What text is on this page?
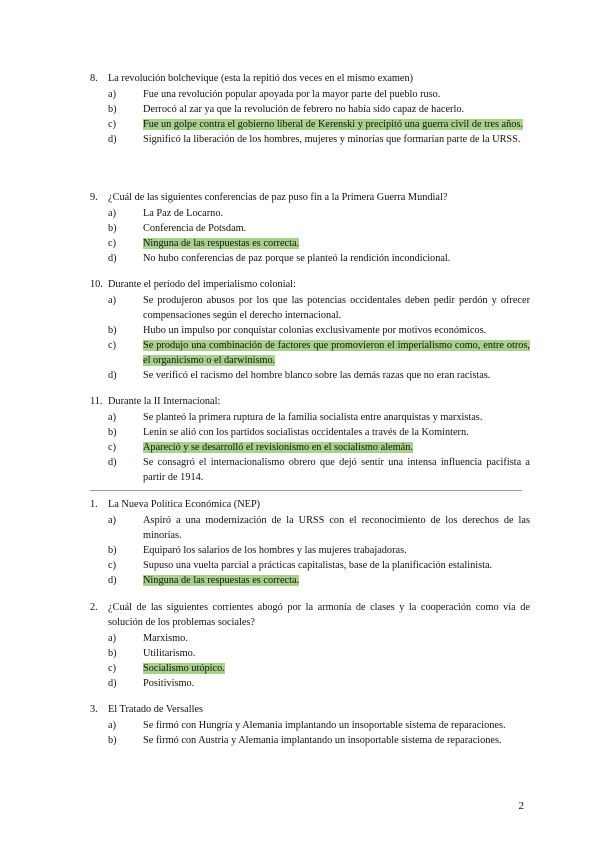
8. La revolución bolchevique (esta la repitió dos veces en el mismo examen)
a)	Fue una revolución popular apoyada por la mayor parte del pueblo ruso.
b)	Derrocó al zar ya que la revolución de febrero no había sido capaz de hacerlo.
c)	Fue un golpe contra el gobierno liberal de Kerenski y precipitó una guerra civil de tres años.
d)	Significó la liberación de los hombres, mujeres y minorías que formarían parte de la URSS.
9. ¿Cuál de las siguientes conferencias de paz puso fin a la Primera Guerra Mundial?
a)	La Paz de Locarno.
b)	Conferencia de Potsdam.
c)	Ninguna de las respuestas es correcta.
d)	No hubo conferencias de paz porque se planteó la rendición incondicional.
10. Durante el período del imperialismo colonial:
a)	Se produjeron abusos por los que las potencias occidentales deben pedir perdón y ofrecer compensaciones según el derecho internacional.
b)	Hubo un impulso por conquistar colonias exclusivamente por motivos económicos.
c)	Se produjo una combinación de factores que promovieron el imperialismo como, entre otros, el organicismo o el darwinismo.
d)	Se verificó el racismo del hombre blanco sobre las demás razas que no eran racistas.
11. Durante la II Internacional:
a)	Se planteó la primera ruptura de la familia socialista entre anarquistas y marxistas.
b)	Lenin se alió con los partidos socialistas occidentales a través de la Komintern.
c)	Apareció y se desarrolló el revisionismo en el socialismo alemán.
d)	Se consagró el internacionalismo obrero que dejó sentir una intensa influencia pacifista a partir de 1914.
1. La Nueva Política Económica (NEP)
a)	Aspiró a una modernización de la URSS con el reconocimiento de los derechos de las minorías.
b)	Equiparó los salarios de los hombres y las mujeres trabajadoras.
c)	Supuso una vuelta parcial a prácticas capitalistas, base de la planificación estalinista.
d)	Ninguna de las respuestas es correcta.
2. ¿Cuál de las siguientes corrientes abogó por la armonía de clases y la cooperación como vía de solución de los problemas sociales?
a)	Marxismo.
b)	Utilitarismo.
c)	Socialismo utópico.
d)	Positivismo.
3. El Tratado de Versalles
a)	Se firmó con Hungría y Alemania implantando un insoportable sistema de reparaciones.
b)	Se firmó con Austria y Alemania implantando un insoportable sistema de reparaciones.
2
